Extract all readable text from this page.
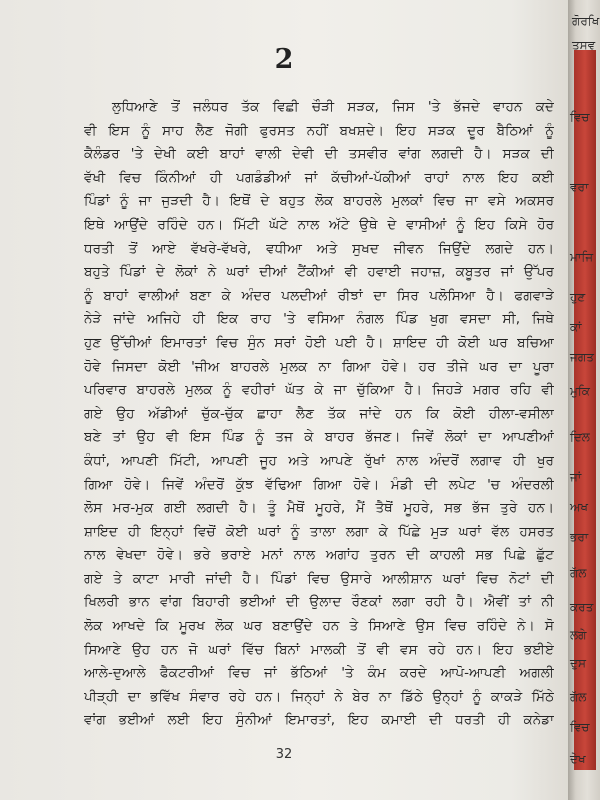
2
ਲੁਧਿਆਣੇ ਤੋਂ ਜਲੰਧਰ ਤੱਕ ਵਿਛੀ ਚੌੜੀ ਸੜਕ, ਜਿਸ 'ਤੇ ਭੱਜਦੇ ਵਾਹਨ ਕਦੇ
ਵੀ ਇਸ ਨੂੰ ਸਾਹ ਲੈਣ ਜੋਗੀ ਫੁਰਸਤ ਨਹੀਂ ਬਖਸ਼ਦੇ। ਇਹ ਸੜਕ ਦੂਰ ਬੈਠਿਆਂ ਨੂੰ
ਕੈਲੰਡਰ 'ਤੇ ਦੇਖੀ ਕਈ ਬਾਹਾਂ ਵਾਲੀ ਦੇਵੀ ਦੀ ਤਸਵੀਰ ਵਾਂਗ ਲਗਦੀ ਹੈ। ਸੜਕ ਦੀ
ਵੱਖੀ ਵਿਚ ਕਿੰਨੀਆਂ ਹੀ ਪਗਡੰਡੀਆਂ ਜਾਂ ਕੱਚੀਆਂ-ਪੱਕੀਆਂ ਰਾਹਾਂ ਨਾਲ ਇਹ ਕਈ
ਪਿੰਡਾਂ ਨੂੰ ਜਾ ਜੁੜਦੀ ਹੈ। ਇਥੋਂ ਦੇ ਬਹੁਤ ਲੋਕ ਬਾਹਰਲੇ ਮੁਲਕਾਂ ਵਿਚ ਜਾ ਵਸੇ ਅਕਸਰ
ਇਥੇ ਆਉਂਦੇ ਰਹਿੰਦੇ ਹਨ। ਮਿੱਟੀ ਘੱਟੇ ਨਾਲ ਅੱਟੇ ਉਥੇ ਦੇ ਵਾਸੀਆਂ ਨੂੰ ਇਹ ਕਿਸੇ ਹੋਰ
ਧਰਤੀ ਤੋਂ ਆਏ ਵੱਖਰੇ-ਵੱਖਰੇ, ਵਧੀਆ ਅਤੇ ਸੁਖਦ ਜੀਵਨ ਜਿਉਂਦੇ ਲਗਦੇ ਹਨ।
ਬਹੁਤੇ ਪਿੰਡਾਂ ਦੇ ਲੋਕਾਂ ਨੇ ਘਰਾਂ ਦੀਆਂ ਟੈਂਕੀਆਂ ਵੀ ਹਵਾਈ ਜਹਾਜ਼, ਕਬੂਤਰ ਜਾਂ ਉੱਪਰ
ਨੂੰ ਬਾਹਾਂ ਵਾਲੀਆਂ ਬਣਾ ਕੇ ਅੰਦਰ ਪਲਦੀਆਂ ਰੀਝਾਂ ਦਾ ਸਿਰ ਪਲੋਸਿਆ ਹੈ। ਫਗਵਾੜੇ
ਨੇੜੇ ਜਾਂਦੇ ਅਜਿਹੇ ਹੀ ਇਕ ਰਾਹ 'ਤੇ ਵਸਿਆ ਨੰਗਲ ਪਿੰਡ ਖੁਗ ਵਸਦਾ ਸੀ, ਜਿਥੇ
ਹੁਣ ਉੱਚੀਆਂ ਇਮਾਰਤਾਂ ਵਿਚ ਸੁੰਨ ਸਰਾਂ ਹੋਈ ਪਈ ਹੈ। ਸ਼ਾਇਦ ਹੀ ਕੋਈ ਘਰ ਬਚਿਆ
ਹੋਵੇ ਜਿਸਦਾ ਕੋਈ 'ਜੀਅ ਬਾਹਰਲੇ ਮੁਲਕ ਨਾ ਗਿਆ ਹੋਵੇ। ਹਰ ਤੀਜੇ ਘਰ ਦਾ ਪੂਰਾ
ਪਰਿਵਾਰ ਬਾਹਰਲੇ ਮੁਲਕ ਨੂੰ ਵਹੀਰਾਂ ਘੱਤ ਕੇ ਜਾ ਚੁੱਕਿਆ ਹੈ। ਜਿਹੜੇ ਮਗਰ ਰਹਿ ਵੀ
ਗਏ ਉਹ ਅੱਡੀਆਂ ਚੁੱਕ-ਚੁੱਕ ਛਾਹਾ ਲੈਣ ਤੱਕ ਜਾਂਦੇ ਹਨ ਕਿ ਕੋਈ ਹੀਲਾ-ਵਸੀਲਾ
ਬਣੇ ਤਾਂ ਉਹ ਵੀ ਇਸ ਪਿੰਡ ਨੂੰ ਤਜ ਕੇ ਬਾਹਰ ਭੱਜਣ। ਜਿਵੇਂ ਲੋਕਾਂ ਦਾ ਆਪਣੀਆਂ
ਕੰਧਾਂ, ਆਪਣੀ ਮਿੱਟੀ, ਆਪਣੀ ਜੂਹ ਅਤੇ ਆਪਣੇ ਰੁੱਖਾਂ ਨਾਲ ਅੰਦਰੋਂ ਲਗਾਵ ਹੀ ਖੁਰ
ਗਿਆ ਹੋਵੇ। ਜਿਵੇਂ ਅੰਦਰੋਂ ਕੁੱਝ ਵੱਢਿਆ ਗਿਆ ਹੋਵੇ। ਮੰਡੀ ਦੀ ਲਪੇਟ 'ਚ ਅੰਦਰਲੀ
ਲੋਸ ਮਰ-ਮੁਕ ਗਈ ਲਗਦੀ ਹੈ। ਤੂੰ ਮੈਥੋਂ ਮੂਹਰੇ, ਮੈਂ ਤੈਥੋਂ ਮੂਹਰੇ, ਸਭ ਭੱਜ ਤੁਰੇ ਹਨ।
ਸ਼ਾਇਦ ਹੀ ਇਨ੍ਹਾਂ ਵਿਚੋਂ ਕੋਈ ਘਰਾਂ ਨੂੰ ਤਾਲਾ ਲਗਾ ਕੇ ਪਿੱਛੇ ਮੁੜ ਘਰਾਂ ਵੱਲ ਹਸਰਤ
ਨਾਲ ਵੇਖਦਾ ਹੋਵੇ। ਭਰੇ ਭਰਾਏ ਮਨਾਂ ਨਾਲ ਅਗਾਂਹ ਤੁਰਨ ਦੀ ਕਾਹਲੀ ਸਭ ਪਿਛੇ ਛੁੱਟ
ਗਏ ਤੇ ਕਾਟਾ ਮਾਰੀ ਜਾਂਦੀ ਹੈ। ਪਿੰਡਾਂ ਵਿਚ ਉਸਾਰੇ ਆਲੀਸ਼ਾਨ ਘਰਾਂ ਵਿਚ ਨੋਟਾਂ ਦੀ
ਖਿਲਰੀ ਭਾਨ ਵਾਂਗ ਬਿਹਾਰੀ ਭਈਆਂ ਦੀ ਉਲਾਦ ਰੌਣਕਾਂ ਲਗਾ ਰਹੀ ਹੈ। ਐਵੀਂ ਤਾਂ ਨੀ
ਲੋਕ ਆਖਦੇ ਕਿ ਮੂਰਖ ਲੋਕ ਘਰ ਬਣਾਉਂਦੇ ਹਨ ਤੇ ਸਿਆਣੇ ਉਸ ਵਿਚ ਰਹਿੰਦੇ ਨੇ। ਸੋ
ਸਿਆਣੇ ਉਹ ਹਨ ਜੋ ਘਰਾਂ ਵਿੱਚ ਬਿਨਾਂ ਮਾਲਕੀ ਤੋਂ ਵੀ ਵਸ ਰਹੇ ਹਨ। ਇਹ ਭਈਏ
ਆਲੇ-ਦੁਆਲੇ ਫੈਕਟਰੀਆਂ ਵਿਚ ਜਾਂ ਭੱਠਿਆਂ 'ਤੇ ਕੰਮ ਕਰਦੇ ਆਪੋ-ਆਪਣੀ ਅਗਲੀ
ਪੀੜ੍ਹੀ ਦਾ ਭਵਿੱਖ ਸੰਵਾਰ ਰਹੇ ਹਨ। ਜਿਨ੍ਹਾਂ ਨੇ ਬੇਰ ਨਾ ਡਿੱਠੇ ਉਨ੍ਹਾਂ ਨੂੰ ਕਾਕੜੇ ਮਿੱਠੇ
ਵਾਂਗ ਭਈਆਂ ਲਈ ਇਹ ਸੁੰਨੀਆਂ ਇਮਾਰਤਾਂ, ਇਹ ਕਮਾਈ ਦੀ ਧਰਤੀ ਹੀ ਕਨੇਡਾ
32
ਗੋਰਖਿ
ਤਸਵ
ਵਿਚ
ਵਰਾ
ਮਾਜਿ
ਹੁਣ
ਕਾਂ
ਜਗਤ
ਮੁਕਿ
ਦਿਲ
ਜਾਂ
ਅਖ
ਭਰਾ
ਗੱਲ
ਕਰਤ
ਲਗੇ
ਦੁਸ
ਗੱਲ
ਵਿਚ
ਦੇਖ
